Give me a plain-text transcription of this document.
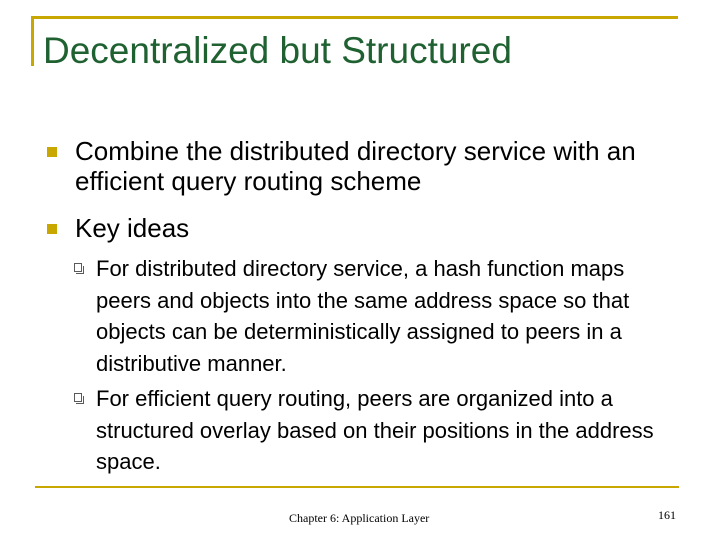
Decentralized but Structured
Combine the distributed directory service with an efficient query routing scheme
Key ideas
For distributed directory service, a hash function maps peers and objects into the same address space so that objects can be deterministically assigned to peers in a distributive manner.
For efficient query routing, peers are organized into a structured overlay based on their positions in the address space.
Chapter 6: Application Layer	161
